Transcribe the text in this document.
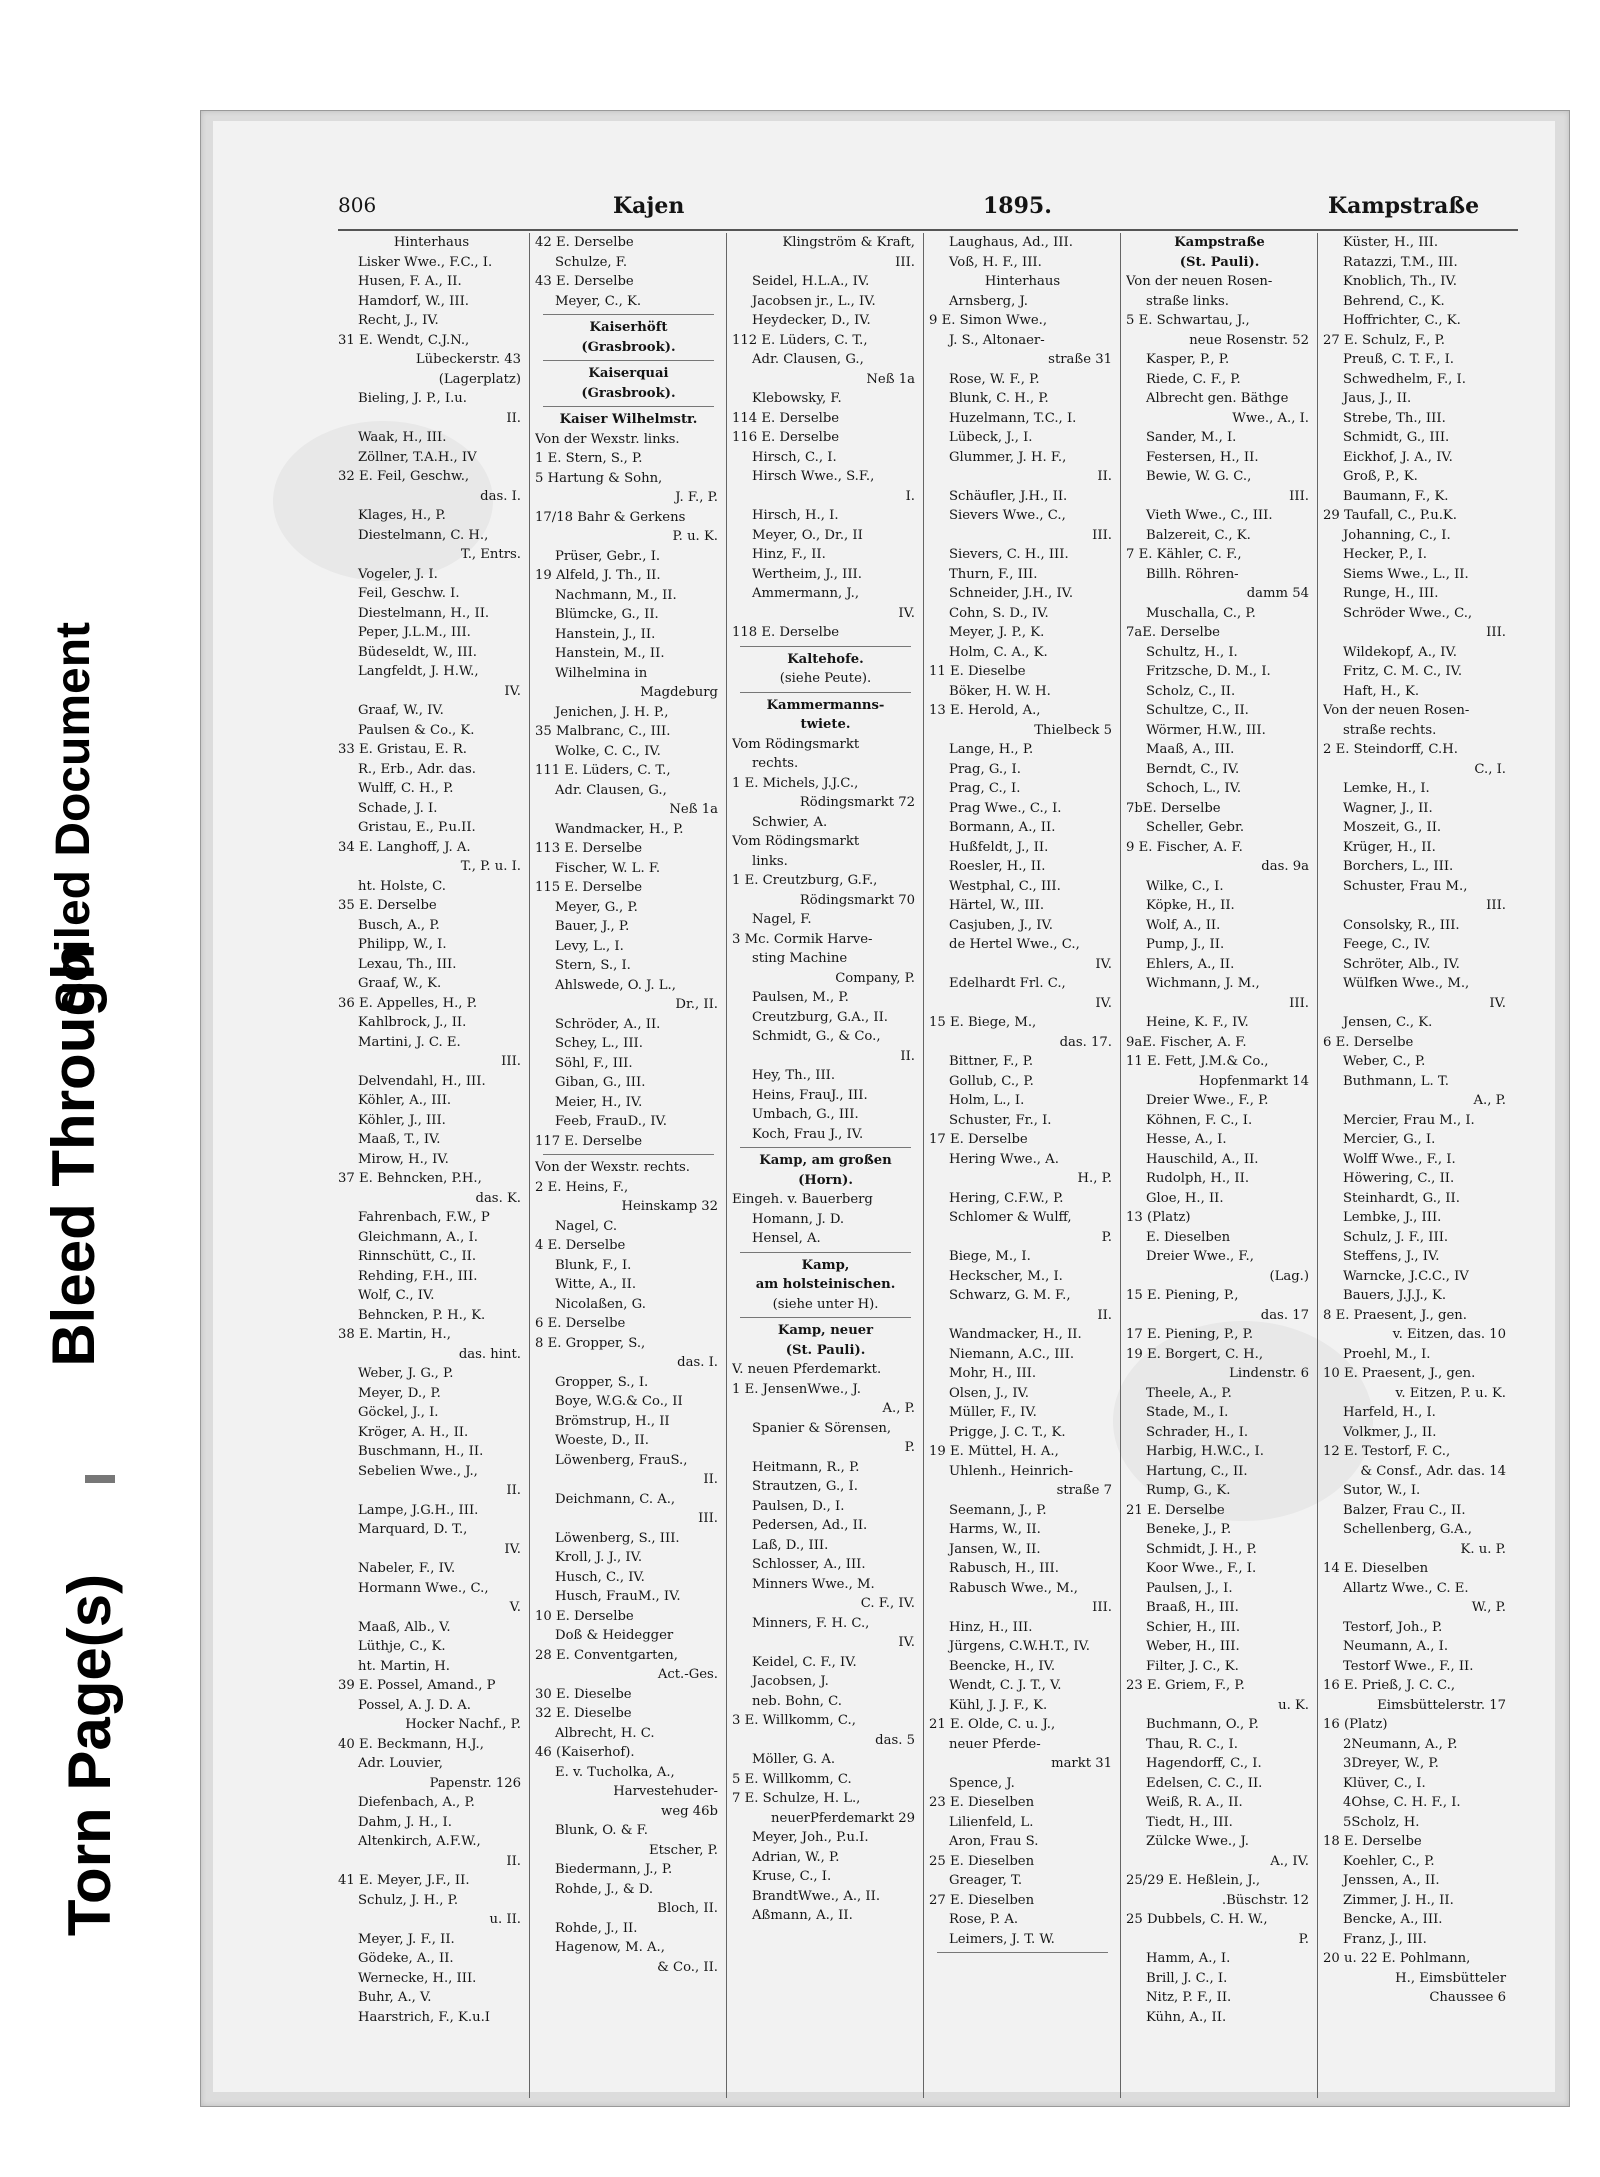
Soiled Document
Bleed Through
Torn Page(s)
806	Kajen	1895.	Kampstraße
Hinterhaus
Lisker Wwe., F.C., I.
Husen, F. A., II.
Hamdorf, W., III.
Recht, J., IV.
31 E. Wendt, C.J.N.,
Lübeckerstr. 43
(Lagerplatz)
Bieling, J. P., I.u.
II.
Waak, H., III.
Zöllner, T.A.H., IV
32 E. Feil, Geschw.,
das. I.
Klages, H., P.
Diestelmann, C. H.,
T., Entrs.
Vogeler, J. I.
Feil, Geschw. I.
Diestelmann, H., II.
Peper, J.L.M., III.
Büdeseldt, W., III.
Langfeldt, J. H.W.,
IV.
Graaf, W., IV.
Paulsen & Co., K.
33 E. Gristau, E. R.
R., Erb., Adr. das.
Wulff, C. H., P.
Schade, J. I.
Gristau, E., P.u.II.
34 E. Langhoff, J. A.
T., P. u. I.
ht. Holste, C.
35 E. Derselbe
Busch, A., P.
Philipp, W., I.
Lexau, Th., III.
Graaf, W., K.
36 E. Appelles, H., P.
Kahlbrock, J., II.
Martini, J. C. E.
III.
Delvendahl, H., III.
Köhler, A., III.
Köhler, J., III.
Maaß, T., IV.
Mirow, H., IV.
37 E. Behncken, P.H.,
das. K.
Fahrenbach, F.W., P
Gleichmann, A., I.
Rinnschütt, C., II.
Rehding, F.H., III.
Wolf, C., IV.
Behncken, P. H., K.
38 E. Martin, H.,
das. hint.
Weber, J. G., P.
Meyer, D., P.
Göckel, J., I.
Kröger, A. H., II.
Buschmann, H., II.
Sebelien Wwe., J.,
II.
Lampe, J.G.H., III.
Marquard, D. T.,
IV.
Nabeler, F., IV.
Hormann Wwe., C.,
V.
Maaß, Alb., V.
Lüthje, C., K.
ht. Martin, H.
39 E. Possel, Amand., P
Possel, A. J. D. A.
Hocker Nachf., P.
40 E. Beckmann, H.J.,
Adr. Louvier,
Papenstr. 126
Diefenbach, A., P.
Dahm, J. H., I.
Altenkirch, A.F.W.,
II.
41 E. Meyer, J.F., II.
Schulz, J. H., P.
u. II.
Meyer, J. F., II.
Gödeke, A., II.
Wernecke, H., III.
Buhr, A., V.
Haarstrich, F., K.u.I
42 E. Derselbe
Schulze, F.
43 E. Derselbe
Meyer, C., K.
Kaiserhöft
(Grasbrook).
Kaiserquai
(Grasbrook).
Kaiser Wilhelmstr.
Von der Wexstr. links.
1 E. Stern, S., P.
5 Hartung & Sohn,
J. F., P.
17/18 Bahr & Gerkens
P. u. K.
Prüser, Gebr., I.
19 Alfeld, J. Th., II.
Nachmann, M., II.
Blümcke, G., II.
Hanstein, J., II.
Hanstein, M., II.
Wilhelmina in
Magdeburg
Jenichen, J. H. P.,
35 Malbranc, C., III.
Wolke, C. C., IV.
111 E. Lüders, C. T.,
Adr. Clausen, G.,
Neß 1a
Wandmacker, H., P.
113 E. Derselbe
Fischer, W. L. F.
115 E. Derselbe
Meyer, G., P.
Bauer, J., P.
Levy, L., I.
Stern, S., I.
Ahlswede, O. J. L.,
Dr., II.
Schröder, A., II.
Schey, L., III.
Söhl, F., III.
Giban, G., III.
Meier, H., IV.
Feeb, FrauD., IV.
117 E. Derselbe
Von der Wexstr. rechts.
2 E. Heins, F.,
Heinskamp 32
Nagel, C.
4 E. Derselbe
Blunk, F., I.
Witte, A., II.
Nicolaßen, G.
6 E. Derselbe
8 E. Gropper, S.,
das. I.
Gropper, S., I.
Boye, W.G.& Co., II
Brömstrup, H., II
Woeste, D., II.
Löwenberg, FrauS.,
II.
Deichmann, C. A.,
III.
Löwenberg, S., III.
Kroll, J. J., IV.
Husch, C., IV.
Husch, FrauM., IV.
10 E. Derselbe
Doß & Heidegger
28 E. Conventgarten,
Act.-Ges.
30 E. Dieselbe
32 E. Dieselbe
Albrecht, H. C.
46 (Kaiserhof).
E. v. Tucholka, A.,
Harvestehuder-
weg 46b
Blunk, O. & F.
Etscher, P.
Biedermann, J., P.
Rohde, J., & D.
Bloch, II.
Rohde, J., II.
Hagenow, M. A.,
& Co., II.
Klingström & Kraft,
III.
Seidel, H.L.A., IV.
Jacobsen jr., L., IV.
Heydecker, D., IV.
112 E. Lüders, C. T.,
Adr. Clausen, G.,
Neß 1a
Klebowsky, F.
114 E. Derselbe
116 E. Derselbe
Hirsch, C., I.
Hirsch Wwe., S.F.,
I.
Hirsch, H., I.
Meyer, O., Dr., II
Hinz, F., II.
Wertheim, J., III.
Ammermann, J.,
IV.
118 E. Derselbe
Kaltehofe.
(siehe Peute).
Kammermanns-
twiete.
Vom Rödingsmarkt
rechts.
1 E. Michels, J.J.C.,
Rödingsmarkt 72
Schwier, A.
Vom Rödingsmarkt
links.
1 E. Creutzburg, G.F.,
Rödingsmarkt 70
Nagel, F.
3 Mc. Cormik Harve-
sting Machine
Company, P.
Paulsen, M., P.
Creutzburg, G.A., II.
Schmidt, G., & Co.,
II.
Hey, Th., III.
Heins, FrauJ., III.
Umbach, G., III.
Koch, Frau J., IV.
Kamp, am großen
(Horn).
Eingeh. v. Bauerberg
Homann, J. D.
Hensel, A.
Kamp,
am holsteinischen.
(siehe unter H).
Kamp, neuer
(St. Pauli).
V. neuen Pferdemarkt.
1 E. JensenWwe., J.
A., P.
Spanier & Sörensen,
P.
Heitmann, R., P.
Strautzen, G., I.
Paulsen, D., I.
Pedersen, Ad., II.
Laß, D., III.
Schlosser, A., III.
Minners Wwe., M.
C. F., IV.
Minners, F. H. C.,
IV.
Keidel, C. F., IV.
Jacobsen, J.
neb. Bohn, C.
3 E. Willkomm, C.,
das. 5
Möller, G. A.
5 E. Willkomm, C.
7 E. Schulze, H. L.,
neuerPferdemarkt 29
Meyer, Joh., P.u.I.
Adrian, W., P.
Kruse, C., I.
BrandtWwe., A., II.
Aßmann, A., II.
Laughaus, Ad., III.
Voß, H. F., III.
Hinterhaus
Arnsberg, J.
9 E. Simon Wwe.,
J. S., Altonaer-
straße 31
Rose, W. F., P.
Blunk, C. H., P.
Huzelmann, T.C., I.
Lübeck, J., I.
Glummer, J. H. F.,
II.
Schäufler, J.H., II.
Sievers Wwe., C.,
III.
Sievers, C. H., III.
Thurn, F., III.
Schneider, J.H., IV.
Cohn, S. D., IV.
Meyer, J. P., K.
Holm, C. A., K.
11 E. Dieselbe
Böker, H. W. H.
13 E. Herold, A.,
Thielbeck 5
Lange, H., P.
Prag, G., I.
Prag, C., I.
Prag Wwe., C., I.
Bormann, A., II.
Hußfeldt, J., II.
Roesler, H., II.
Westphal, C., III.
Härtel, W., III.
Casjuben, J., IV.
de Hertel Wwe., C.,
IV.
Edelhardt Frl. C.,
IV.
15 E. Biege, M.,
das. 17.
Bittner, F., P.
Gollub, C., P.
Holm, L., I.
Schuster, Fr., I.
17 E. Derselbe
Hering Wwe., A.
H., P.
Hering, C.F.W., P.
Schlomer & Wulff,
P.
Biege, M., I.
Heckscher, M., I.
Schwarz, G. M. F.,
II.
Wandmacker, H., II.
Niemann, A.C., III.
Mohr, H., III.
Olsen, J., IV.
Müller, F., IV.
Prigge, J. C. T., K.
19 E. Müttel, H. A.,
Uhlenh., Heinrich-
straße 7
Seemann, J., P.
Harms, W., II.
Jansen, W., II.
Rabusch, H., III.
Rabusch Wwe., M.,
III.
Hinz, H., III.
Jürgens, C.W.H.T., IV.
Beencke, H., IV.
Wendt, C. J. T., V.
Kühl, J. J. F., K.
21 E. Olde, C. u. J.,
neuer Pferde-
markt 31
Spence, J.
23 E. Dieselben
Lilienfeld, L.
Aron, Frau S.
25 E. Dieselben
Greager, T.
27 E. Dieselben
Rose, P. A.
Leimers, J. T. W.
Kampstraße
(St. Pauli).
Von der neuen Rosen-
straße links.
5 E. Schwartau, J.,
neue Rosenstr. 52
Kasper, P., P.
Riede, C. F., P.
Albrecht gen. Bäthge
Wwe., A., I.
Sander, M., I.
Festersen, H., II.
Bewie, W. G. C.,
III.
Vieth Wwe., C., III.
Balzereit, C., K.
7 E. Kähler, C. F.,
Billh. Röhren-
damm 54
Muschalla, C., P.
7aE. Derselbe
Schultz, H., I.
Fritzsche, D. M., I.
Scholz, C., II.
Schultze, C., II.
Wörmer, H.W., III.
Maaß, A., III.
Berndt, C., IV.
Schoch, L., IV.
7bE. Derselbe
Scheller, Gebr.
9 E. Fischer, A. F.
das. 9a
Wilke, C., I.
Köpke, H., II.
Wolf, A., II.
Pump, J., II.
Ehlers, A., II.
Wichmann, J. M.,
III.
Heine, K. F., IV.
9aE. Fischer, A. F.
11 E. Fett, J.M.& Co.,
Hopfenmarkt 14
Dreier Wwe., F., P.
Köhnen, F. C., I.
Hesse, A., I.
Hauschild, A., II.
Rudolph, H., II.
Gloe, H., II.
13 (Platz)
E. Dieselben
Dreier Wwe., F.,
(Lag.)
15 E. Piening, P.,
das. 17
17 E. Piening, P., P.
19 E. Borgert, C. H.,
Lindenstr. 6
Theele, A., P.
Stade, M., I.
Schrader, H., I.
Harbig, H.W.C., I.
Hartung, C., II.
Rump, G., K.
21 E. Derselbe
Beneke, J., P.
Schmidt, J. H., P.
Koor Wwe., F., I.
Paulsen, J., I.
Braaß, H., III.
Schier, H., III.
Weber, H., III.
Filter, J. C., K.
23 E. Griem, F., P.
u. K.
Buchmann, O., P.
Thau, R. C., I.
Hagendorff, C., I.
Edelsen, C. C., II.
Weiß, R. A., II.
Tiedt, H., III.
Zülcke Wwe., J.
A., IV.
25/29 E. Heßlein, J.,
.Büschstr. 12
25 Dubbels, C. H. W.,
P.
Hamm, A., I.
Brill, J. C., I.
Nitz, P. F., II.
Kühn, A., II.
Küster, H., III.
Ratazzi, T.M., III.
Knoblich, Th., IV.
Behrend, C., K.
Hoffrichter, C., K.
27 E. Schulz, F., P.
Preuß, C. T. F., I.
Schwedhelm, F., I.
Jaus, J., II.
Strebe, Th., III.
Schmidt, G., III.
Eickhof, J. A., IV.
Groß, P., K.
Baumann, F., K.
29 Taufall, C., P.u.K.
Johanning, C., I.
Hecker, P., I.
Siems Wwe., L., II.
Runge, H., III.
Schröder Wwe., C.,
III.
Wildekopf, A., IV.
Fritz, C. M. C., IV.
Haft, H., K.
Von der neuen Rosen-
straße rechts.
2 E. Steindorff, C.H.
C., I.
Lemke, H., I.
Wagner, J., II.
Moszeit, G., II.
Krüger, H., II.
Borchers, L., III.
Schuster, Frau M.,
III.
Consolsky, R., III.
Feege, C., IV.
Schröter, Alb., IV.
Wülfken Wwe., M.,
IV.
Jensen, C., K.
6 E. Derselbe
Weber, C., P.
Buthmann, L. T.
A., P.
Mercier, Frau M., I.
Mercier, G., I.
Wolff Wwe., F., I.
Höwering, C., II.
Steinhardt, G., II.
Lembke, J., III.
Schulz, J. F., III.
Steffens, J., IV.
Warncke, J.C.C., IV
Bauers, J.J.J., K.
8 E. Praesent, J., gen.
v. Eitzen, das. 10
Proehl, M., I.
10 E. Praesent, J., gen.
v. Eitzen, P. u. K.
Harfeld, H., I.
Volkmer, J., II.
12 E. Testorf, F. C.,
& Consf., Adr. das. 14
Sutor, W., I.
Balzer, Frau C., II.
Schellenberg, G.A.,
K. u. P.
14 E. Dieselben
Allartz Wwe., C. E.
W., P.
Testorf, Joh., P.
Neumann, A., I.
Testorf Wwe., F., II.
16 E. Prieß, J. C. C.,
Eimsbüttelerstr. 17
16 (Platz)
2Neumann, A., P.
3Dreyer, W., P.
Klüver, C., I.
4Ohse, C. H. F., I.
5Scholz, H.
18 E. Derselbe
Koehler, C., P.
Jenssen, A., II.
Zimmer, J. H., II.
Bencke, A., III.
Franz, J., III.
20 u. 22 E. Pohlmann,
H., Eimsbütteler
Chaussee 6
